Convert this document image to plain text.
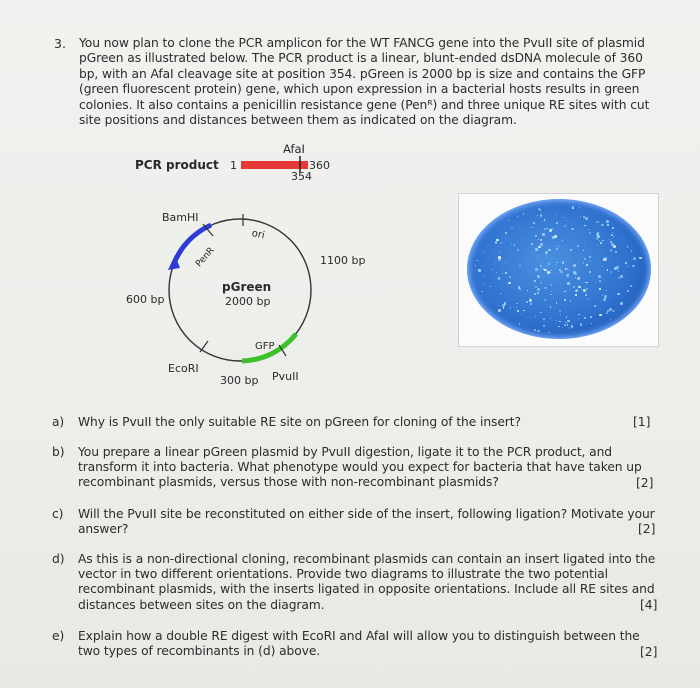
3. You now plan to clone the PCR amplicon for the WT FANCG gene into the PvuII site of plasmid
pGreen as illustrated below. The PCR product is a linear, blunt-ended dsDNA molecule of 360
bp, with an AfaI cleavage site at position 354. pGreen is 2000 bp is size and contains the GFP
(green fluorescent protein) gene, which upon expression in a bacterial hosts results in green
colonies. It also contains a penicillin resistance gene (Penᴿ) and three unique RE sites with cut
site positions and distances between them as indicated on the diagram.
PCR product 1
AfaI
360
354
BamHI
ori
PenR
pGreen
2000 bp
GFP
EcoRI
PvuII
1100 bp
600 bp
300 bp
a) Why is PvuII the only suitable RE site on pGreen for cloning of the insert?	[1]
b) You prepare a linear pGreen plasmid by PvuII digestion, ligate it to the PCR product, and
transform it into bacteria. What phenotype would you expect for bacteria that have taken up
recombinant plasmids, versus those with non-recombinant plasmids?	[2]
c) Will the PvuII site be reconstituted on either side of the insert, following ligation? Motivate your
answer?	[2]
d) As this is a non-directional cloning, recombinant plasmids can contain an insert ligated into the
vector in two different orientations. Provide two diagrams to illustrate the two potential
recombinant plasmids, with the inserts ligated in opposite orientations. Include all RE sites and
distances between sites on the diagram.	[4]
e) Explain how a double RE digest with EcoRI and AfaI will allow you to distinguish between the
two types of recombinants in (d) above.	[2]
